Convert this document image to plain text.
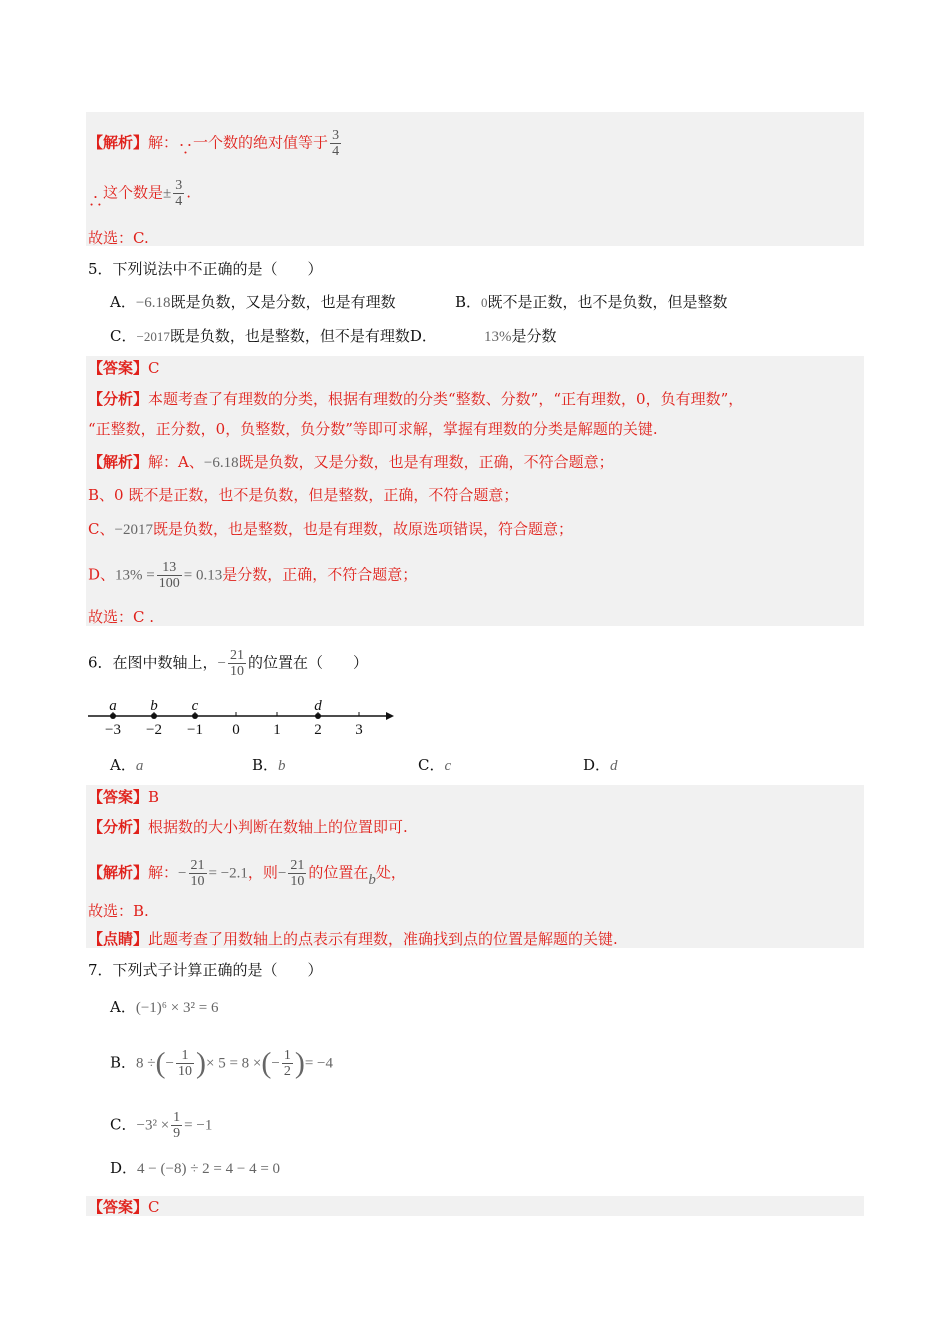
【解析】解：∵一个数的绝对值等于 $\frac{3}{4}$
∴这个数是± $\frac{3}{4}$ .
故选：C.
5．下列说法中不正确的是（　　）
A．−6.18既是负数，又是分数，也是有理数	B．0既不是正数，也不是负数，但是整数
C．−2017既是负数，也是整数，但不是有理数D．	13%是分数
【答案】C
【分析】本题考查了有理数的分类，根据有理数的分类“整数、分数”，“正有理数，0，负有理数”，
“正整数，正分数，0，负整数，负分数”等即可求解，掌握有理数的分类是解题的关键.
【解析】解：A、−6.18既是负数，又是分数，也是有理数，正确，不符合题意；
B、0 既不是正数，也不是负数，但是整数，正确，不符合题意；
C、−2017既是负数，也是整数，也是有理数，故原选项错误，符合题意；
D、$13\% = \frac{13}{100} = 0.13$是分数，正确，不符合题意；
故选：C .
6．在图中数轴上，− $\frac{21}{10}$ 的位置在（　　）
−3 −2 −1 0 1 2 3
a b c	d
A．a	B．b	C．c	D．d
【答案】B
【分析】根据数的大小判断在数轴上的位置即可.
【解析】解：− $\frac{21}{10} = -2.1$，则− $\frac{21}{10}$ 的位置在b处，
故选：B.
【点睛】此题考查了用数轴上的点表示有理数，准确找到点的位置是解题的关键.
7．下列式子计算正确的是（　　）
A．(−1)⁶ × 3² = 6
B．8 ÷(− $\frac{1}{10}$ )× 5 = 8 ×(− $\frac{1}{2}$ )= −4
C．$-3^2 \times \frac{1}{9} = -1$
D．4 − (−8) ÷ 2 = 4 − 4 = 0
【答案】C
